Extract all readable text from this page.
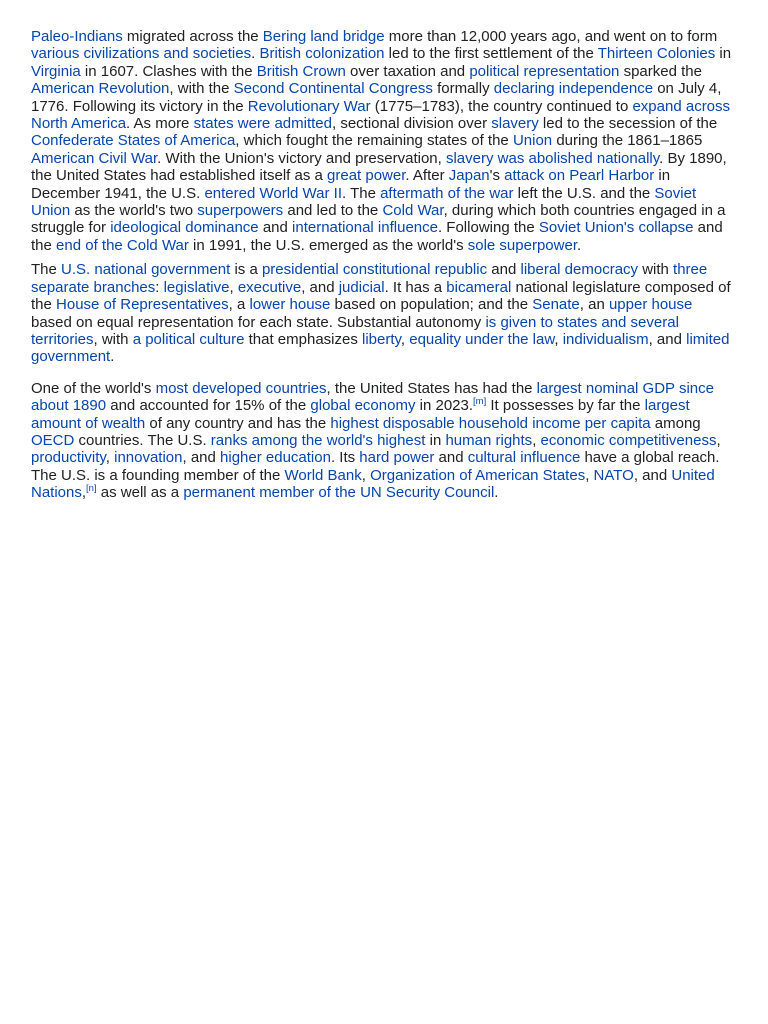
Paleo-Indians migrated across the Bering land bridge more than 12,000 years ago, and went on to form various civilizations and societies. British colonization led to the first settlement of the Thirteen Colonies in Virginia in 1607. Clashes with the British Crown over taxation and political representation sparked the American Revolution, with the Second Continental Congress formally declaring independence on July 4, 1776. Following its victory in the Revolutionary War (1775–1783), the country continued to expand across North America. As more states were admitted, sectional division over slavery led to the secession of the Confederate States of America, which fought the remaining states of the Union during the 1861–1865 American Civil War. With the Union's victory and preservation, slavery was abolished nationally. By 1890, the United States had established itself as a great power. After Japan's attack on Pearl Harbor in December 1941, the U.S. entered World War II. The aftermath of the war left the U.S. and the Soviet Union as the world's two superpowers and led to the Cold War, during which both countries engaged in a struggle for ideological dominance and international influence. Following the Soviet Union's collapse and the end of the Cold War in 1991, the U.S. emerged as the world's sole superpower.

The U.S. national government is a presidential constitutional republic and liberal democracy with three separate branches: legislative, executive, and judicial. It has a bicameral national legislature composed of the House of Representatives, a lower house based on population; and the Senate, an upper house based on equal representation for each state. Substantial autonomy is given to states and several territories, with a political culture that emphasizes liberty, equality under the law, individualism, and limited government.

One of the world's most developed countries, the United States has had the largest nominal GDP since about 1890 and accounted for 15% of the global economy in 2023.[m] It possesses by far the largest amount of wealth of any country and has the highest disposable household income per capita among OECD countries. The U.S. ranks among the world's highest in human rights, economic competitiveness, productivity, innovation, and higher education. Its hard power and cultural influence have a global reach. The U.S. is a founding member of the World Bank, Organization of American States, NATO, and United Nations,[n] as well as a permanent member of the UN Security Council.
